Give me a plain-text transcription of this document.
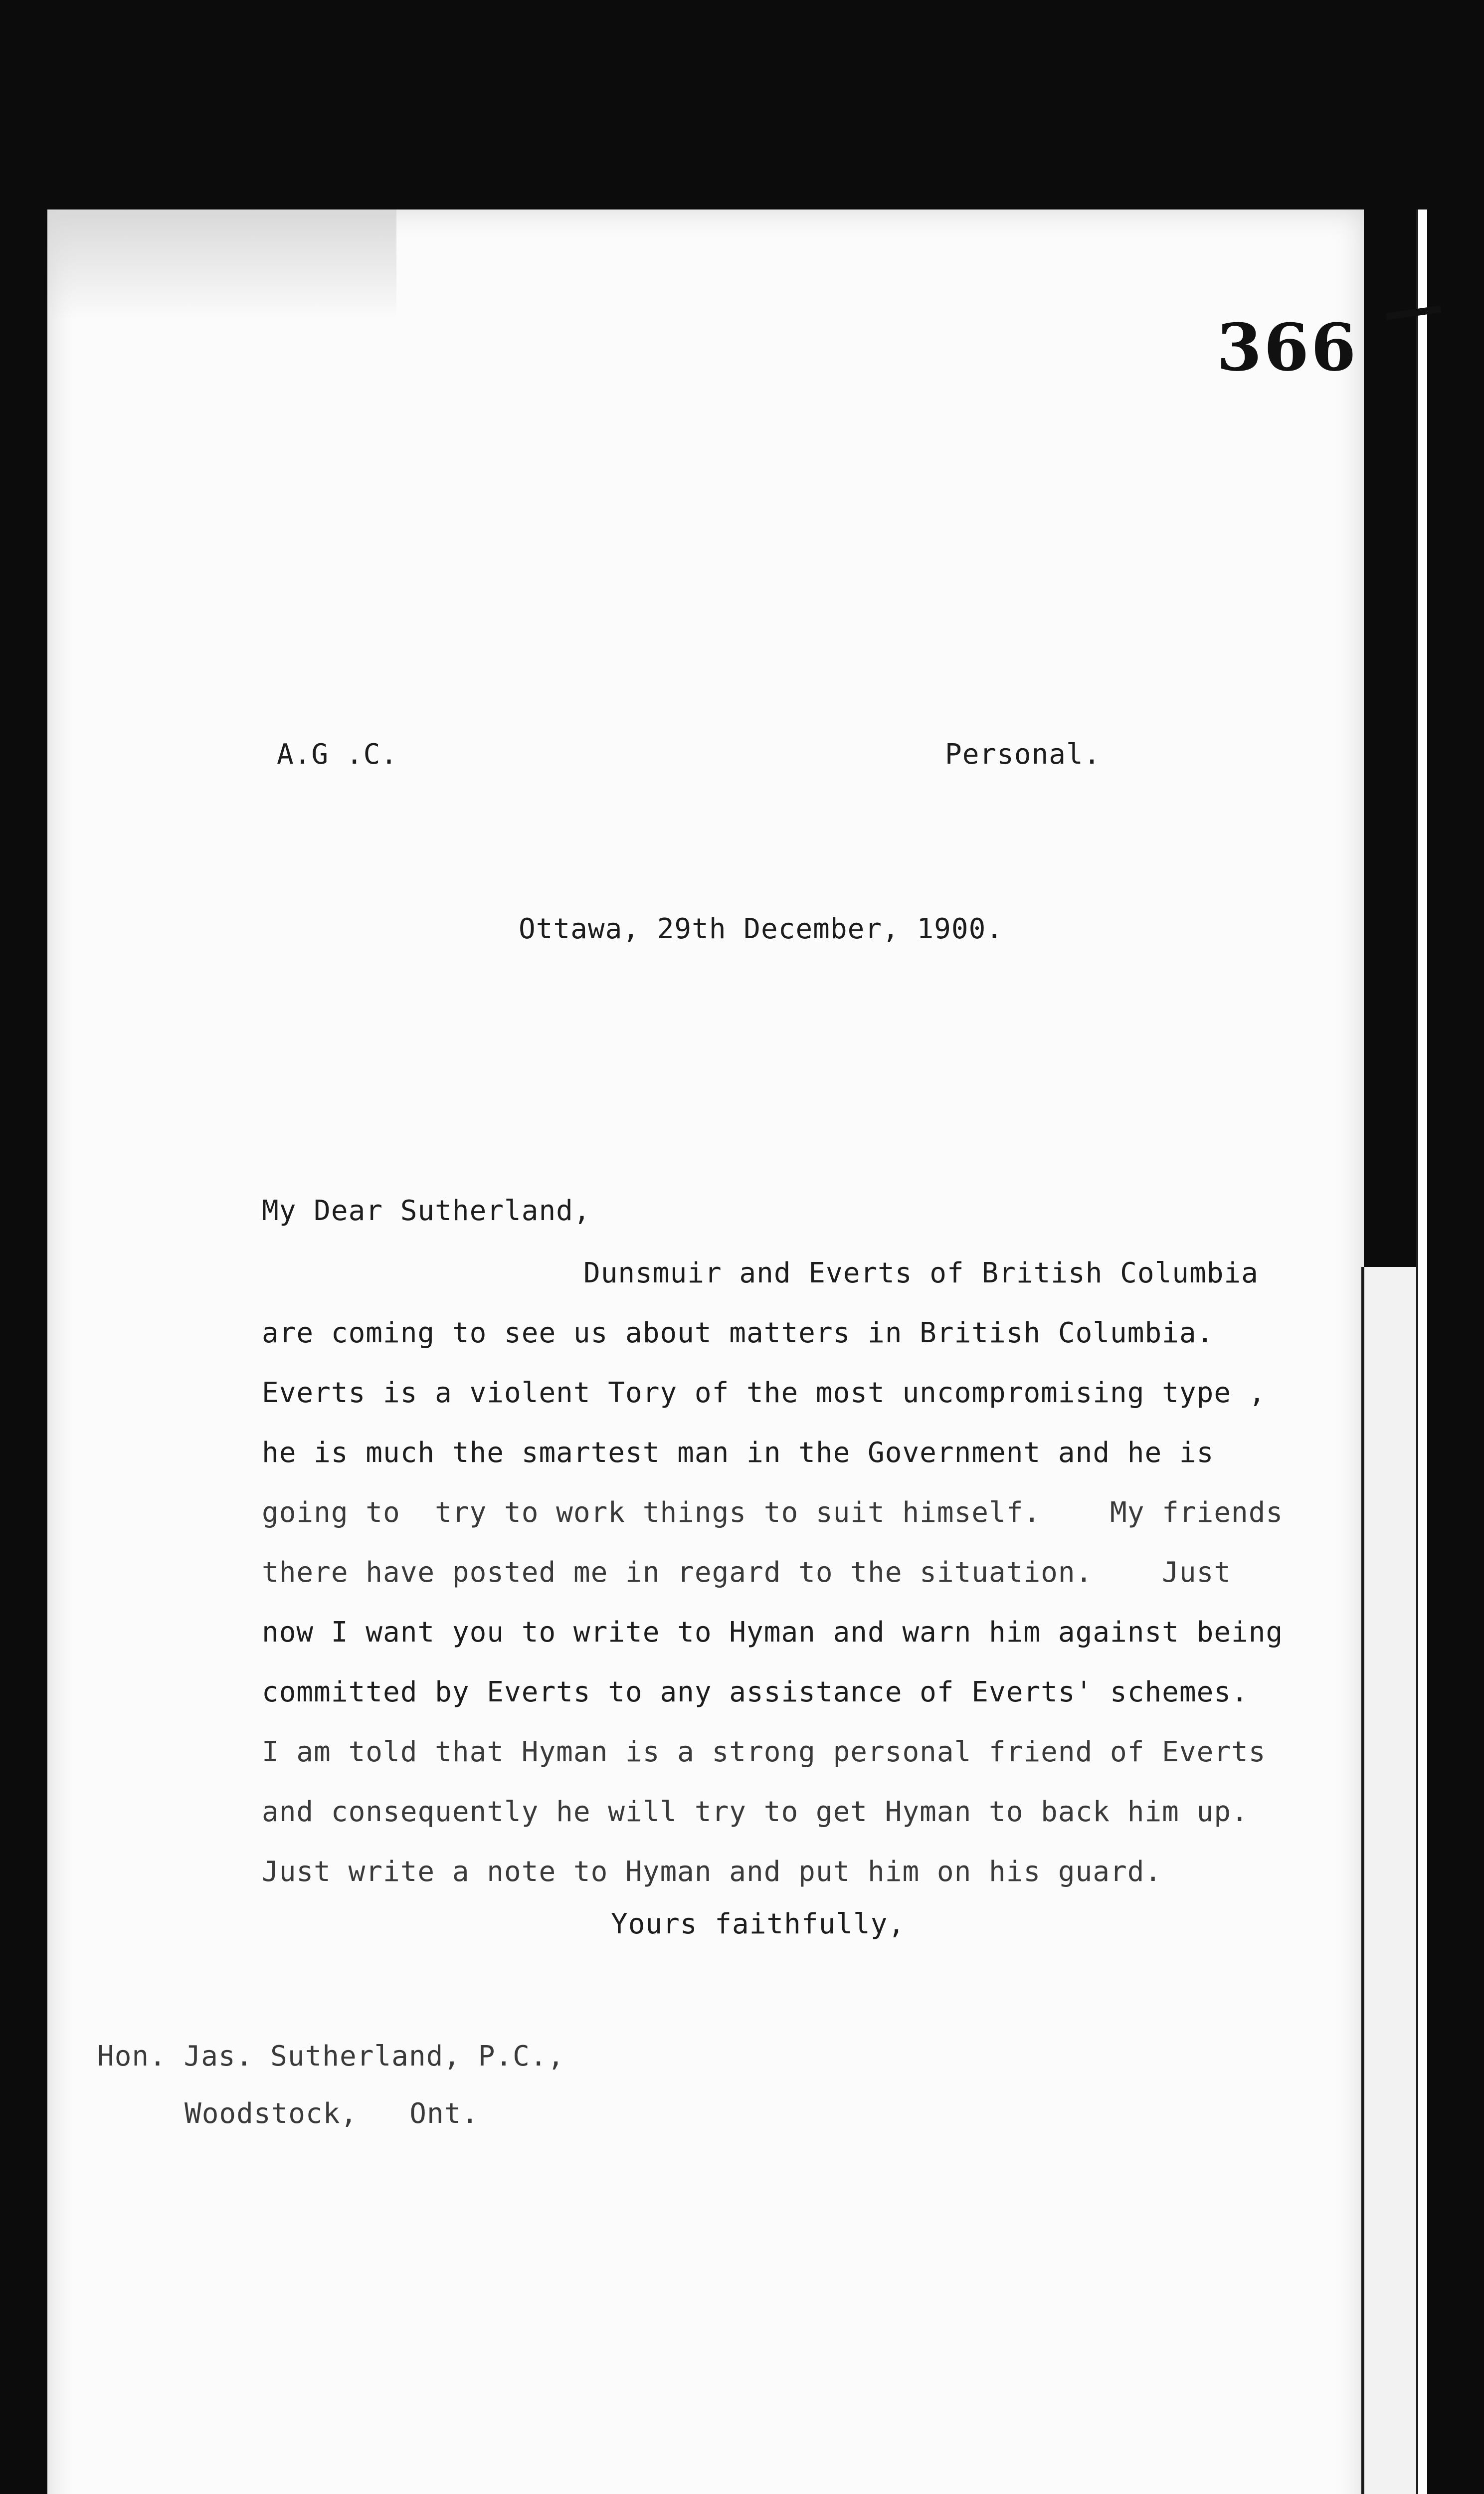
366
A.G .C.	Personal.
Ottawa, 29th December, 1900.
My Dear Sutherland,
Dunsmuir and Everts of British Columbia
are coming to see us about matters in British Columbia.
Everts is a violent Tory of the most uncompromising type ,
he is much the smartest man in the Government and he is
going to  try to work things to suit himself.    My friends
there have posted me in regard to the situation.    Just
now I want you to write to Hyman and warn him against being
committed by Everts to any assistance of Everts' schemes.
I am told that Hyman is a strong personal friend of Everts
and consequently he will try to get Hyman to back him up.
Just write a note to Hyman and put him on his guard.
Yours faithfully,
Hon. Jas. Sutherland, P.C.,
Woodstock,   Ont.
